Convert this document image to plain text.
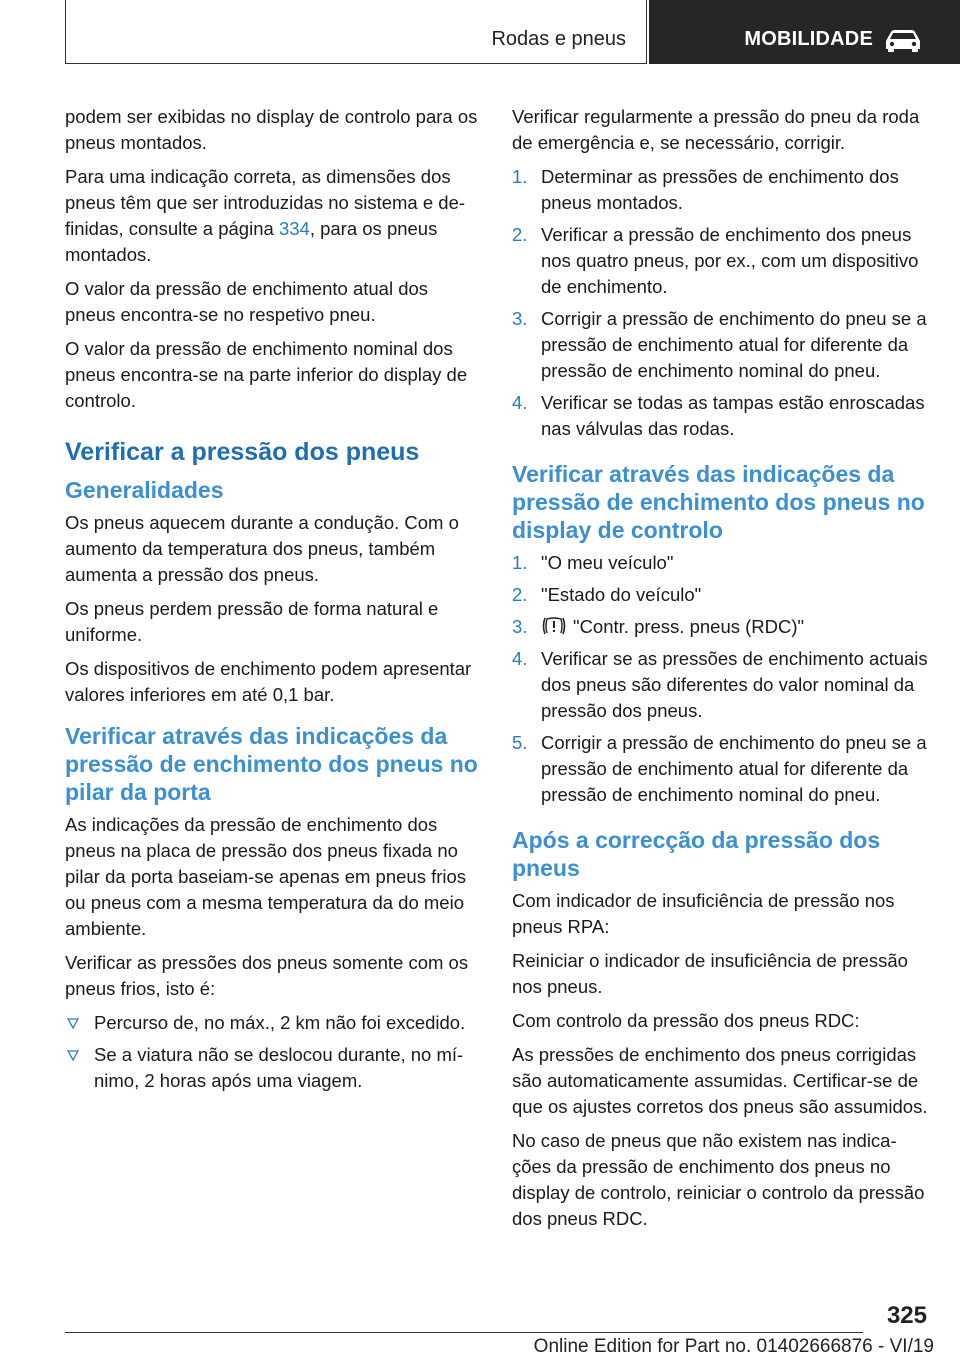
Rodas e pneus	MOBILIDADE

podem ser exibidas no display de controlo para os pneus montados.

Para uma indicação correta, as dimensões dos pneus têm que ser introduzidas no sistema e definidas, consulte a página 334, para os pneus montados.

O valor da pressão de enchimento atual dos pneus encontra-se no respetivo pneu.

O valor da pressão de enchimento nominal dos pneus encontra-se na parte inferior do display de controlo.

Verificar a pressão dos pneus
Generalidades

Os pneus aquecem durante a condução. Com o aumento da temperatura dos pneus, também aumenta a pressão dos pneus.

Os pneus perdem pressão de forma natural e uniforme.

Os dispositivos de enchimento podem apresentar valores inferiores em até 0,1 bar.

Verificar através das indicações da pressão de enchimento dos pneus no pilar da porta

As indicações da pressão de enchimento dos pneus na placa de pressão dos pneus fixada no pilar da porta baseiam-se apenas em pneus frios ou pneus com a mesma temperatura da do meio ambiente.

Verificar as pressões dos pneus somente com os pneus frios, isto é:

Percurso de, no máx., 2 km não foi excedido.
Se a viatura não se deslocou durante, no mínimo, 2 horas após uma viagem.

Verificar regularmente a pressão do pneu da roda de emergência e, se necessário, corrigir.

1. Determinar as pressões de enchimento dos pneus montados.
2. Verificar a pressão de enchimento dos pneus nos quatro pneus, por ex., com um dispositivo de enchimento.
3. Corrigir a pressão de enchimento do pneu se a pressão de enchimento atual for diferente da pressão de enchimento nominal do pneu.
4. Verificar se todas as tampas estão enroscadas nas válvulas das rodas.
Verificar através das indicações da pressão de enchimento dos pneus no display de controlo
1. "O meu veículo"
2. "Estado do veículo"
3. "Contr. press. pneus (RDC)"
4. Verificar se as pressões de enchimento actuais dos pneus são diferentes do valor nominal da pressão dos pneus.
5. Corrigir a pressão de enchimento do pneu se a pressão de enchimento atual for diferente da pressão de enchimento nominal do pneu.
Após a correcção da pressão dos pneus

Com indicador de insuficiência de pressão nos pneus RPA:

Reiniciar o indicador de insuficiência de pressão nos pneus.

Com controlo da pressão dos pneus RDC:

As pressões de enchimento dos pneus corrigidas são automaticamente assumidas. Certificar-se de que os ajustes corretos dos pneus são assumidos.

No caso de pneus que não existem nas indicações da pressão de enchimento dos pneus no display de controlo, reiniciar o controlo da pressão dos pneus RDC.

325
Online Edition for Part no. 01402666876 - VI/19
